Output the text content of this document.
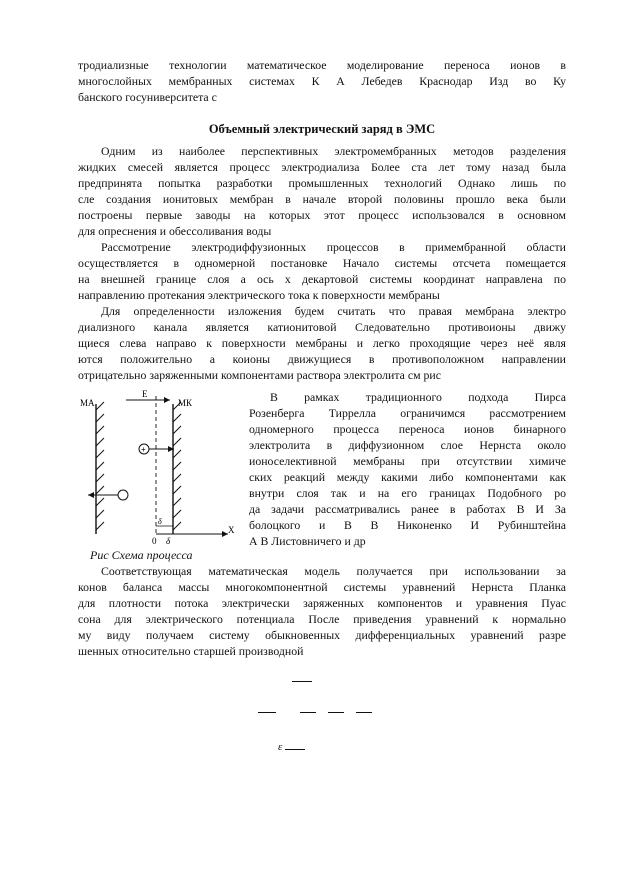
тродиализные технологии математическое моделирование переноса ионов в
многослойных мембранных системах К А Лебедев Краснодар Изд во Ку
банского госуниверситета с
Объемный электрический заряд в ЭМС
Одним из наиболее перспективных электромембранных методов разделения
жидких смесей является процесс электродиализа Более ста лет тому назад была
предпринята попытка разработки промышленных технологий Однако лишь по
сле создания ионитовых мембран в начале второй половины прошло века были
построены первые заводы на которых этот процесс использовался в основном
для опреснения и обессоливания воды
Рассмотрение электродиффузионных процессов в примембранной области
осуществляется в одномерной постановке Начало системы отсчета помещается
на внешней границе слоя а ось x декартовой системы координат направлена по
направлению протекания электрического тока к поверхности мембраны
Для определенности изложения будем считать что правая мембрана электро
диализного канала является катионитовой Следовательно противоионы движу
щиеся слева направо к поверхности мембраны и легко проходящие через неё явля
ются положительно а коионы движущиеся в противоположном направлении
отрицательно заряженными компонентами раствора электролита см рис
МА	МК
E
+
δ
X
0 δ
Рис Схема процесса
В рамках традиционного подхода Пирса
Розенберга Тиррелла ограничимся рассмотрением
одномерного процесса переноса ионов бинарного
электролита в диффузионном слое Нернста около
ионоселективной мембраны при отсутствии химиче
ских реакций между какими либо компонентами как
внутри слоя так и на его границах Подобного ро
да задачи рассматривались ранее в работах В И За
болоцкого и В В Никоненко И Рубинштейна
А В Листовничего и др
Соответствующая математическая модель получается при использовании за
конов баланса массы многокомпонентной системы уравнений Нернста Планка
для плотности потока электрически заряженных компонентов и уравнения Пуас
сона для электрического потенциала После приведения уравнений к нормально
му виду получаем систему обыкновенных дифференциальных уравнений разре
шенных относительно старшей производной
ε
